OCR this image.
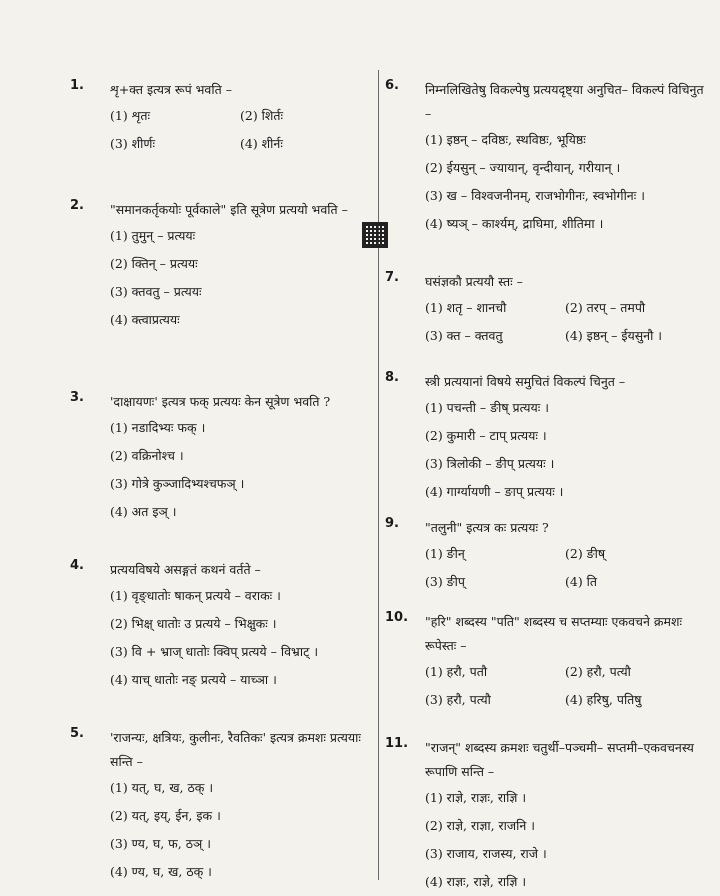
1. शृ+क्त इत्यत्र रूपं भवति –
(1) शृतः	(2) शिर्तः
(3) शीर्णः	(4) शीर्नः
2. "समानकर्तृकयोः पूर्वकाले" इति सूत्रेण प्रत्ययो भवति –
(1) तुमुन् – प्रत्ययः
(2) क्तिन् – प्रत्ययः
(3) क्तवतु – प्रत्ययः
(4) क्त्वाप्रत्ययः
3. 'दाक्षायणः' इत्यत्र फक् प्रत्ययः केन सूत्रेण भवति ?
(1) नडादिभ्यः फक् ।
(2) वक्रिनोश्च ।
(3) गोत्रे कुञ्जादिभ्यश्चफञ् ।
(4) अत इञ् ।
4. प्रत्ययविषये असङ्गतं कथनं वर्तते –
(1) वृङ्धातोः षाकन् प्रत्यये – वराकः ।
(2) भिक्ष् धातोः उ प्रत्यये – भिक्षुकः ।
(3) वि + भ्राज् धातोः क्विप् प्रत्यये – विभ्राट् ।
(4) याच् धातोः नङ् प्रत्यये – याच्ञा ।
5. 'राजन्यः, क्षत्रियः, कुलीनः, रैवतिकः' इत्यत्र क्रमशः प्रत्ययाः सन्ति –
(1) यत्, घ, ख, ठक् ।
(2) यत्, इय्, ईन, इक ।
(3) ण्य, घ, फ, ठञ् ।
(4) ण्य, घ, ख, ठक् ।
6. निम्नलिखितेषु विकल्पेषु प्रत्ययदृष्ट्या अनुचित– विकल्पं विचिनुत –
(1) इष्ठन् – दविष्ठः, स्थविष्ठः, भूयिष्ठः
(2) ईयसुन् – ज्यायान्, वृन्दीयान्, गरीयान् ।
(3) ख – विश्वजनीनम्, राजभोगीनः, स्वभोगीनः ।
(4) ष्यञ् – कार्श्यम्, द्राघिमा, शीतिमा ।
7. घसंज्ञकौ प्रत्ययौ स्तः –
(1) शतृ – शानचौ	(2) तरप् – तमपौ
(3) क्त – क्तवतु	(4) इष्ठन् – ईयसुनौ ।
8. स्त्री प्रत्ययानां विषये समुचितं विकल्पं चिनुत –
(1) पचन्ती – ङीष् प्रत्ययः ।
(2) कुमारी – टाप् प्रत्ययः ।
(3) त्रिलोकी – ङीप् प्रत्ययः ।
(4) गार्ग्यायणी – ङाप् प्रत्ययः ।
9. "तलुनी" इत्यत्र कः प्रत्ययः ?
(1) ङीन्	(2) ङीष्
(3) ङीप्	(4) ति
10. "हरि" शब्दस्य "पति" शब्दस्य च सप्तम्याः एकवचने क्रमशः रूपेस्तः –
(1) हरौ, पतौ	(2) हरौ, पत्यौ
(3) हरौ, पत्यौ	(4) हरिषु, पतिषु
11. "राजन्" शब्दस्य क्रमशः चतुर्थी–पञ्चमी– सप्तमी–एकवचनस्य रूपाणि सन्ति –
(1) राज्ञे, राज्ञः, राज्ञि ।
(2) राज्ञे, राज्ञा, राजनि ।
(3) राजाय, राजस्य, राजे ।
(4) राज्ञः, राज्ञे, राज्ञि ।
